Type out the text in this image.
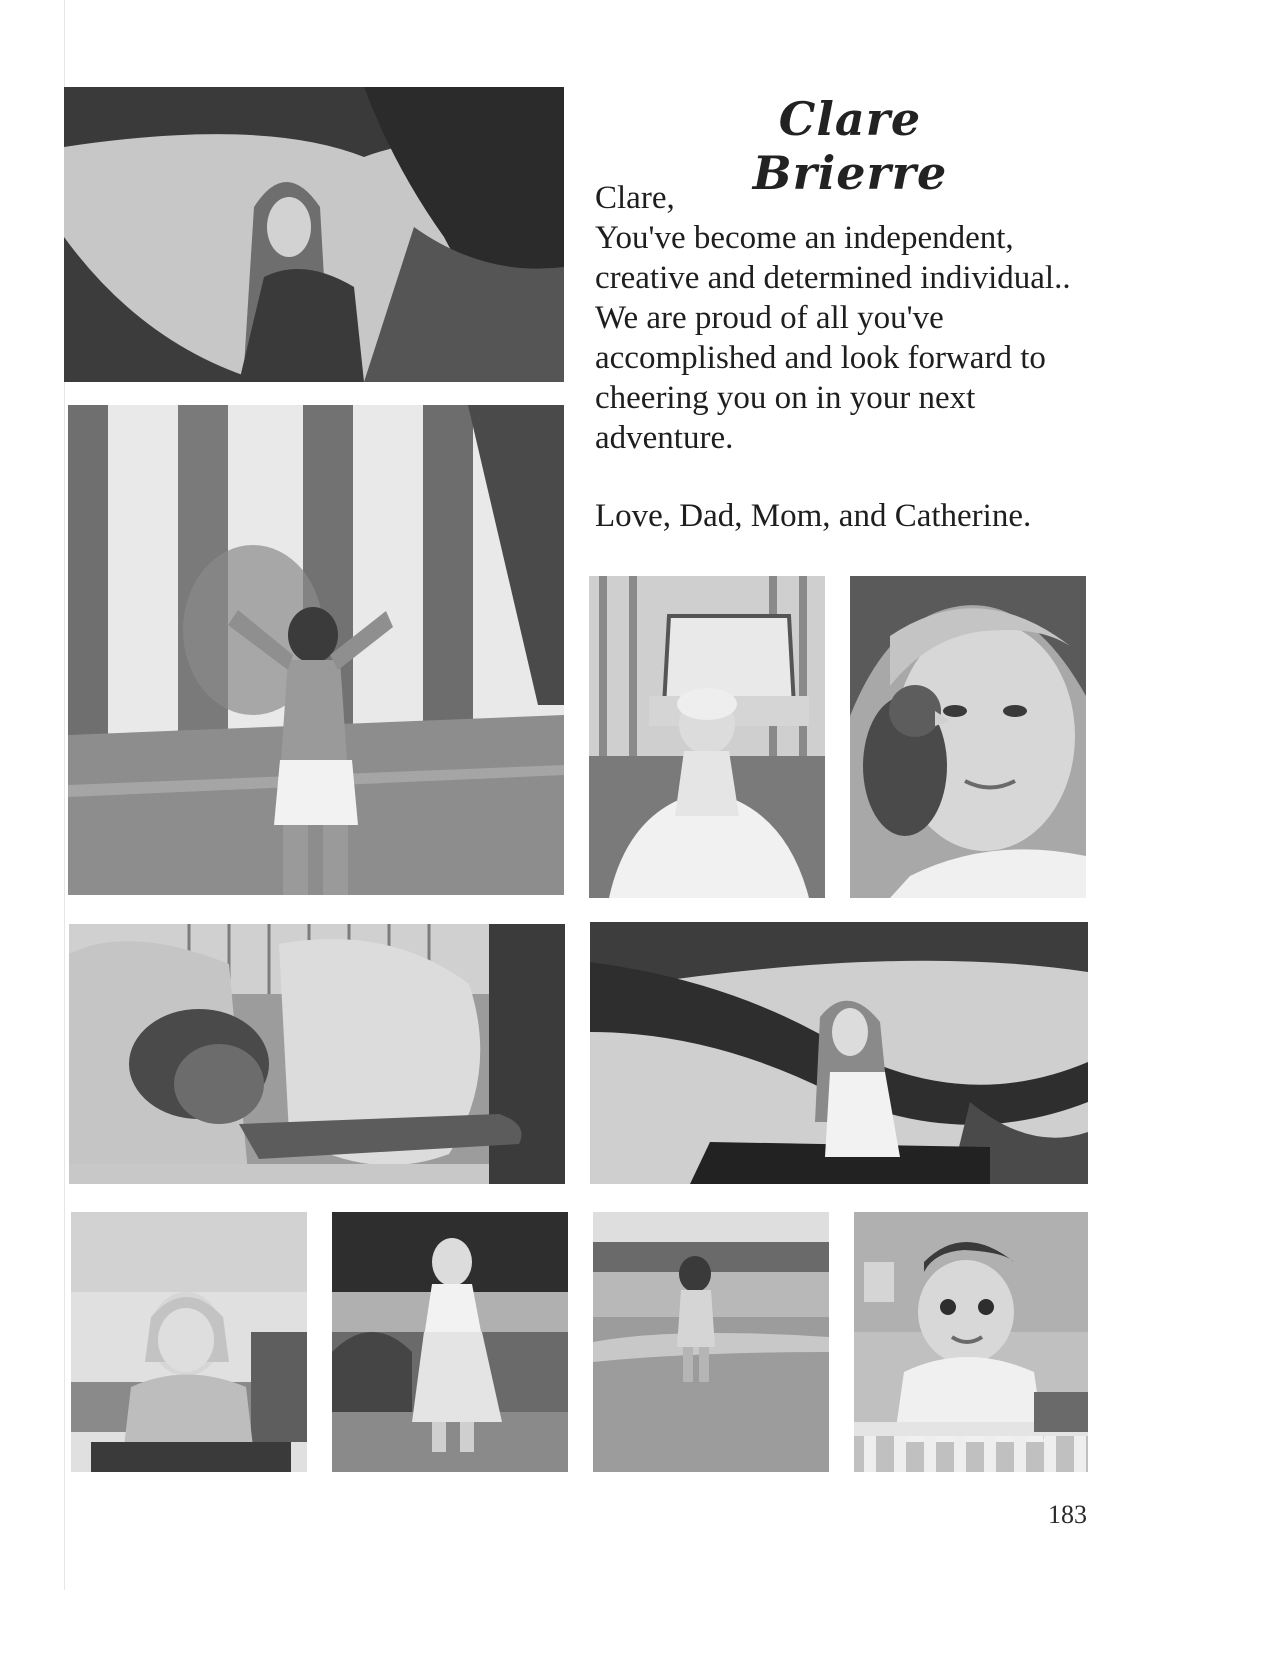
Clare Brierre
Clare,
You've become an independent,
creative and determined individual..
We are proud of all you've
accomplished and look forward to
cheering you on in your next
adventure.
Love, Dad, Mom, and Catherine.
183
